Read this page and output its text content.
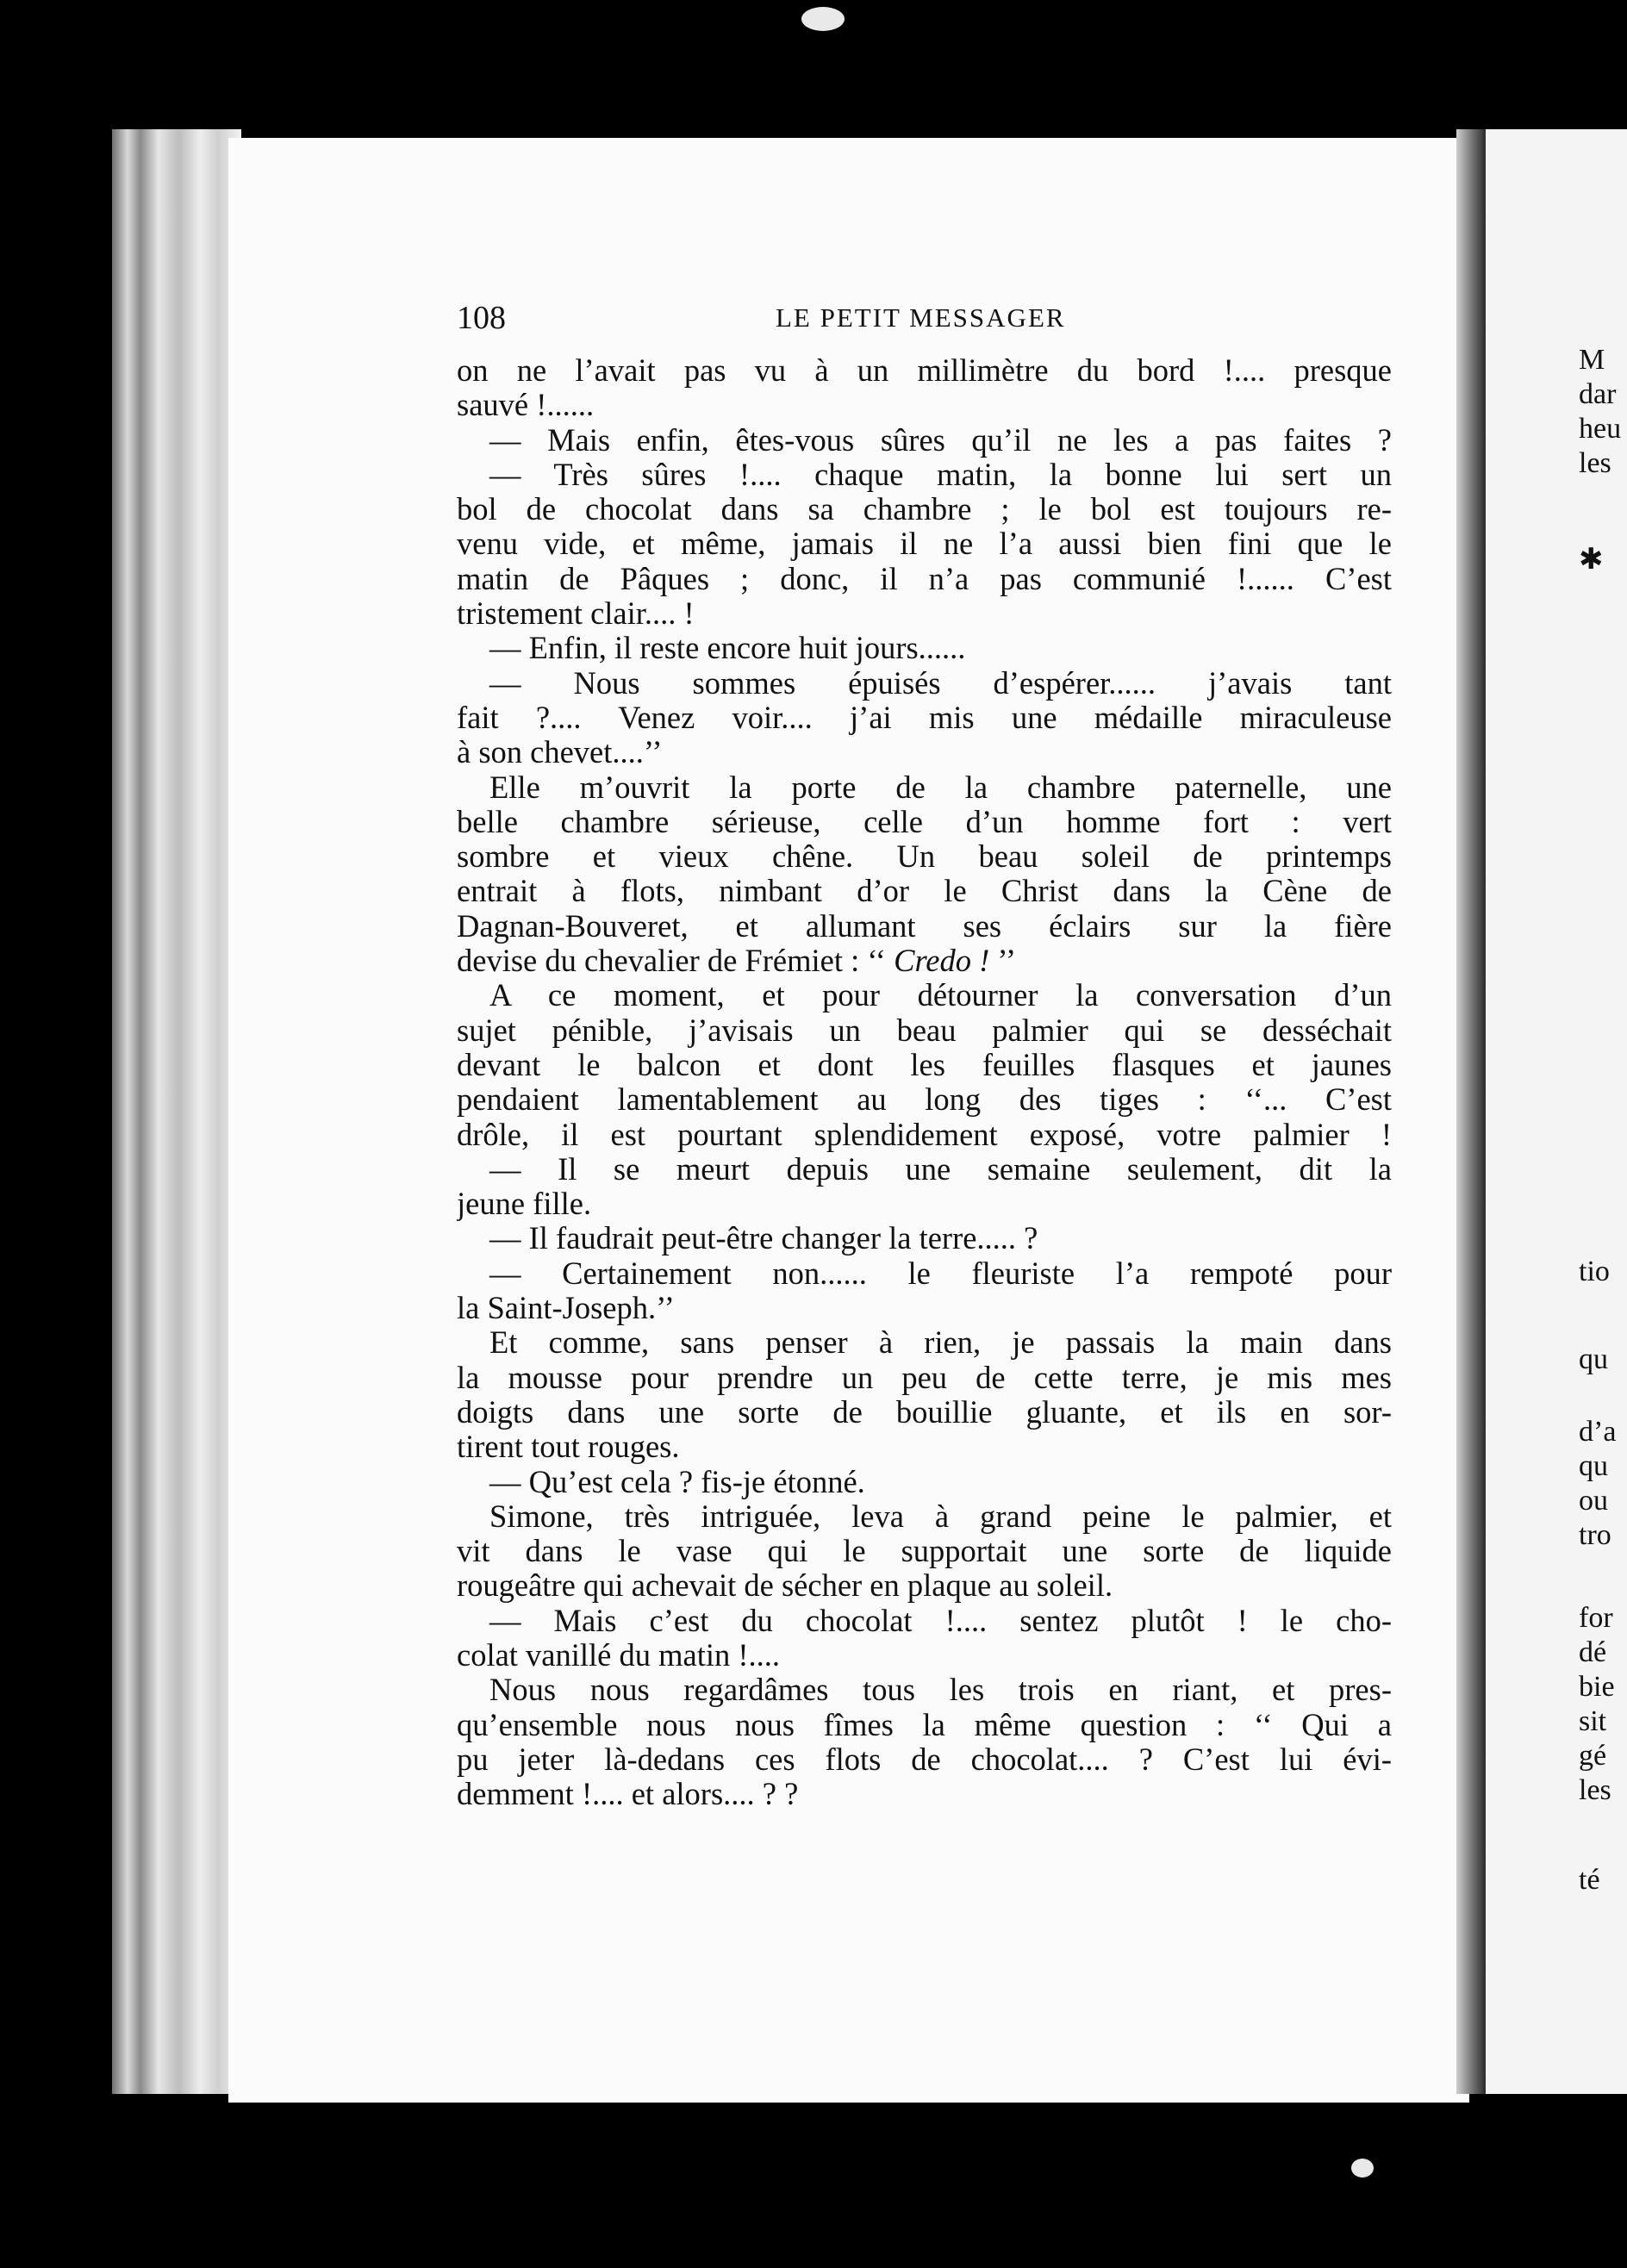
108	LE PETIT MESSAGER
on ne l’avait pas vu à un millimètre du bord !.... presque
sauvé !......
— Mais enfin, êtes-vous sûres qu’il ne les a pas faites ?
— Très sûres !.... chaque matin, la bonne lui sert un
bol de chocolat dans sa chambre ; le bol est toujours re-
venu vide, et même, jamais il ne l’a aussi bien fini que le
matin de Pâques ; donc, il n’a pas communié !...... C’est
tristement clair.... !
— Enfin, il reste encore huit jours......
— Nous sommes épuisés d’espérer...... j’avais tant
fait ?.... Venez voir.... j’ai mis une médaille miraculeuse
à son chevet....’’
Elle m’ouvrit la porte de la chambre paternelle, une
belle chambre sérieuse, celle d’un homme fort : vert
sombre et vieux chêne. Un beau soleil de printemps
entrait à flots, nimbant d’or le Christ dans la Cène de
Dagnan-Bouveret, et allumant ses éclairs sur la fière
devise du chevalier de Frémiet : ‘‘ Credo ! ’’
A ce moment, et pour détourner la conversation d’un
sujet pénible, j’avisais un beau palmier qui se desséchait
devant le balcon et dont les feuilles flasques et jaunes
pendaient lamentablement au long des tiges : ‘‘... C’est
drôle, il est pourtant splendidement exposé, votre palmier !
— Il se meurt depuis une semaine seulement, dit la
jeune fille.
— Il faudrait peut-être changer la terre..... ?
— Certainement non...... le fleuriste l’a rempoté pour
la Saint-Joseph.’’
Et comme, sans penser à rien, je passais la main dans
la mousse pour prendre un peu de cette terre, je mis mes
doigts dans une sorte de bouillie gluante, et ils en sor-
tirent tout rouges.
— Qu’est cela ? fis-je étonné.
Simone, très intriguée, leva à grand peine le palmier, et
vit dans le vase qui le supportait une sorte de liquide
rougeâtre qui achevait de sécher en plaque au soleil.
— Mais c’est du chocolat !.... sentez plutôt ! le cho-
colat vanillé du matin !....
Nous nous regardâmes tous les trois en riant, et pres-
qu’ensemble nous nous fîmes la même question : ‘‘ Qui a
pu jeter là-dedans ces flots de chocolat.... ? C’est lui évi-
demment !.... et alors.... ? ?
M
dar
heu
les
✱
tio
qu
d’a
qu
ou
tro
for
dé
bie
sit
gé
les
té
